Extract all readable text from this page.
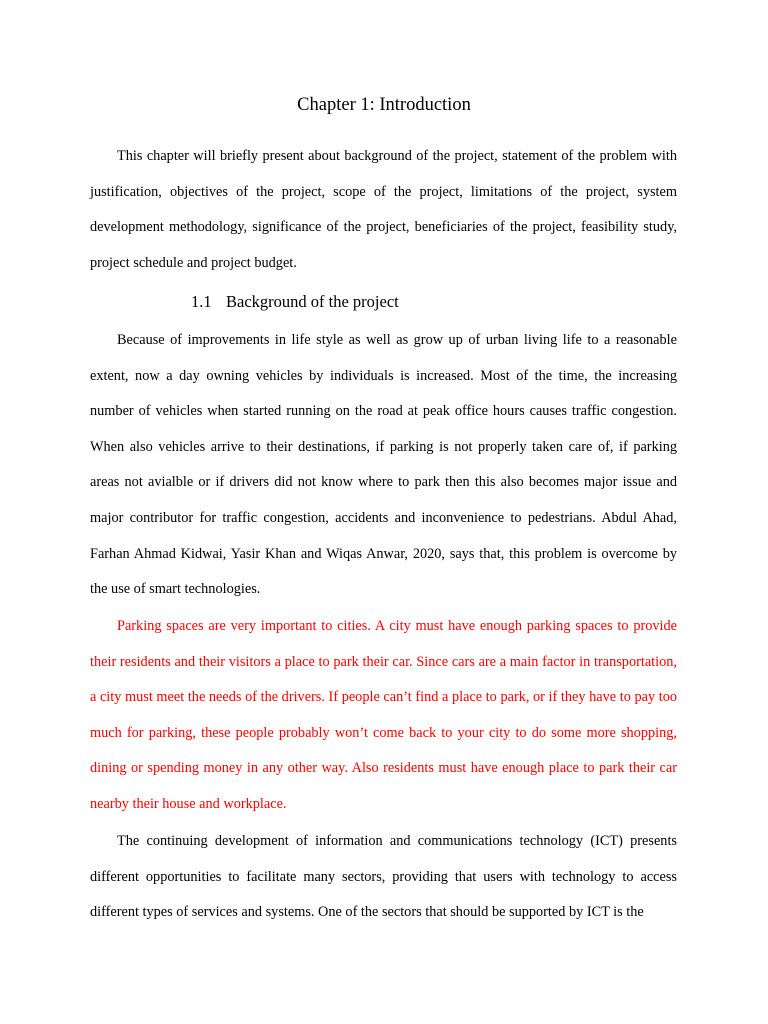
Chapter 1: Introduction

This chapter will briefly present about background of the project, statement of the problem with justification, objectives of the project, scope of the project, limitations of the project, system development methodology, significance of the project, beneficiaries of the project, feasibility study, project schedule and project budget.

1.1 Background of the project

Because of improvements in life style as well as grow up of urban living life to a reasonable extent, now a day owning vehicles by individuals is increased. Most of the time, the increasing number of vehicles when started running on the road at peak office hours causes traffic congestion. When also vehicles arrive to their destinations, if parking is not properly taken care of, if parking areas not avialble or if drivers did not know where to park then this also becomes major issue and major contributor for traffic congestion, accidents and inconvenience to pedestrians. Abdul Ahad, Farhan Ahmad Kidwai, Yasir Khan and Wiqas Anwar, 2020, says that, this problem is overcome by the use of smart technologies.

Parking spaces are very important to cities. A city must have enough parking spaces to provide their residents and their visitors a place to park their car. Since cars are a main factor in transportation, a city must meet the needs of the drivers. If people can’t find a place to park, or if they have to pay too much for parking, these people probably won’t come back to your city to do some more shopping, dining or spending money in any other way. Also residents must have enough place to park their car nearby their house and workplace.

The continuing development of information and communications technology (ICT) presents different opportunities to facilitate many sectors, providing that users with technology to access different types of services and systems. One of the sectors that should be supported by ICT is the
